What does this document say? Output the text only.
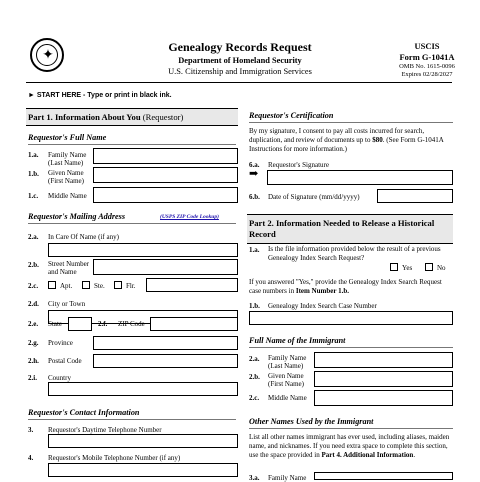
✦
Genealogy Records Request
Department of Homeland Security
U.S. Citizenship and Immigration Services
USCIS
Form G-1041A
OMB No. 1615-0096
Expires 02/28/2027
► START HERE - Type or print in black ink.
Part 1. Information About You (Requestor)
Requestor's Full Name
1.a. Family Name
(Last Name)
1.b. Given Name
(First Name)
1.c. Middle Name
Requestor's Mailing Address	(USPS ZIP Code Lookup)
2.a. In Care Of Name (if any)
2.b. Street Number
and Name
2.c.	Apt.	Ste.	Flr.
2.d. City or Town
2.e. State	2.f. ZIP Code
2.g. Province
2.h. Postal Code
2.i. Country
Requestor's Contact Information
3. Requestor's Daytime Telephone Number
4. Requestor's Mobile Telephone Number (if any)
Requestor's Certification
By my signature, I consent to pay all costs incurred for search, duplication, and review of documents up to $80. (See Form G-1041A Instructions for more information.)
6.a. Requestor's Signature
➡
6.b. Date of Signature (mm/dd/yyyy)
Part 2. Information Needed to Release a Historical Record
1.a. Is the file information provided below the result of a previous Genealogy Index Search Request?
Yes	No
If you answered "Yes," provide the Genealogy Index Search Request case numbers in Item Number 1.b.
1.b. Genealogy Index Search Case Number
Full Name of the Immigrant
2.a. Family Name
(Last Name)
2.b. Given Name
(First Name)
2.c. Middle Name
Other Names Used by the Immigrant
List all other names immigrant has ever used, including aliases, maiden name, and nicknames. If you need extra space to complete this section, use the space provided in Part 4. Additional Information.
3.a. Family Name
